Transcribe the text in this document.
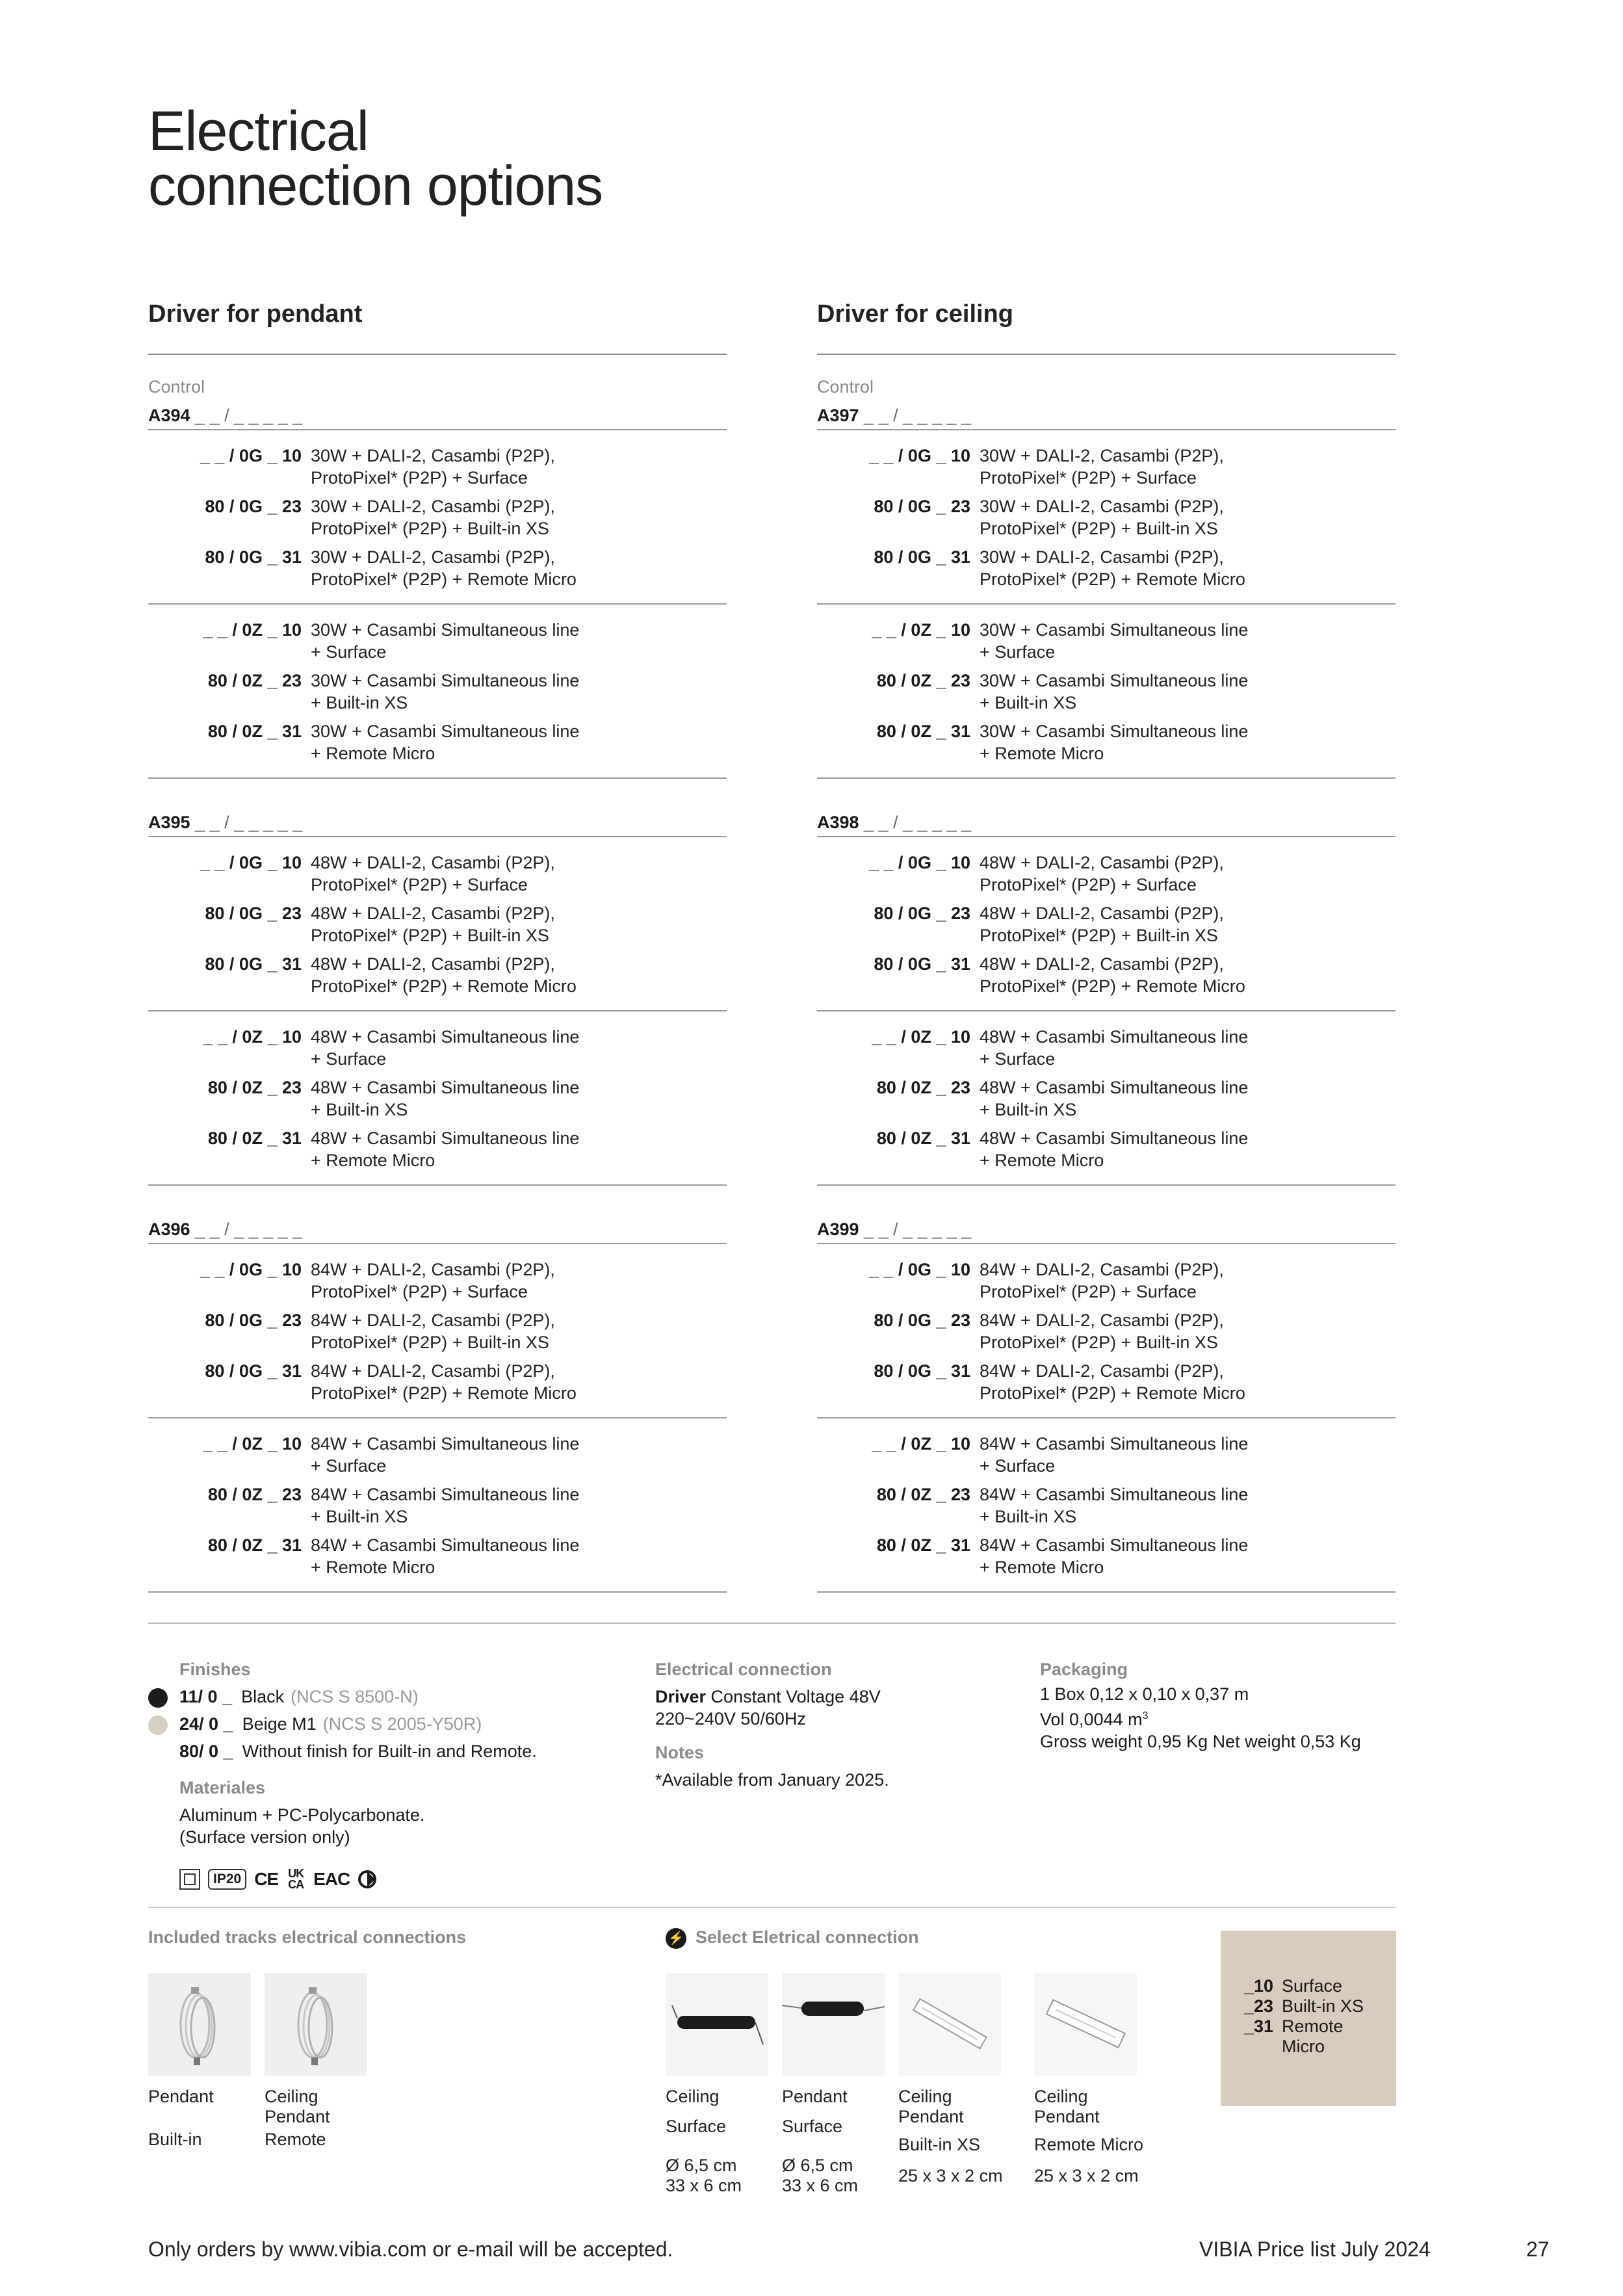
Electrical
connection options
Driver for pendant
Control
A394 _ _ / _ _ _ _ _
_ _ / 0G _ 10 30W + DALI-2, Casambi (P2P),
ProtoPixel* (P2P) + Surface
80 / 0G _ 23 30W + DALI-2, Casambi (P2P),
ProtoPixel* (P2P) + Built-in XS
80 / 0G _ 31 30W + DALI-2, Casambi (P2P),
ProtoPixel* (P2P) + Remote Micro
_ _ / 0Z _ 10 30W + Casambi Simultaneous line
+ Surface
80 / 0Z _ 23 30W + Casambi Simultaneous line
+ Built-in XS
80 / 0Z _ 31 30W + Casambi Simultaneous line
+ Remote Micro
A395 _ _ / _ _ _ _ _
_ _ / 0G _ 10 48W + DALI-2, Casambi (P2P),
ProtoPixel* (P2P) + Surface
80 / 0G _ 23 48W + DALI-2, Casambi (P2P),
ProtoPixel* (P2P) + Built-in XS
80 / 0G _ 31 48W + DALI-2, Casambi (P2P),
ProtoPixel* (P2P) + Remote Micro
_ _ / 0Z _ 10 48W + Casambi Simultaneous line
+ Surface
80 / 0Z _ 23 48W + Casambi Simultaneous line
+ Built-in XS
80 / 0Z _ 31 48W + Casambi Simultaneous line
+ Remote Micro
A396 _ _ / _ _ _ _ _
_ _ / 0G _ 10 84W + DALI-2, Casambi (P2P),
ProtoPixel* (P2P) + Surface
80 / 0G _ 23 84W + DALI-2, Casambi (P2P),
ProtoPixel* (P2P) + Built-in XS
80 / 0G _ 31 84W + DALI-2, Casambi (P2P),
ProtoPixel* (P2P) + Remote Micro
_ _ / 0Z _ 10 84W + Casambi Simultaneous line
+ Surface
80 / 0Z _ 23 84W + Casambi Simultaneous line
+ Built-in XS
80 / 0Z _ 31 84W + Casambi Simultaneous line
+ Remote Micro
Driver for ceiling
Control
A397 _ _ / _ _ _ _ _
_ _ / 0G _ 10 30W + DALI-2, Casambi (P2P),
ProtoPixel* (P2P) + Surface
80 / 0G _ 23 30W + DALI-2, Casambi (P2P),
ProtoPixel* (P2P) + Built-in XS
80 / 0G _ 31 30W + DALI-2, Casambi (P2P),
ProtoPixel* (P2P) + Remote Micro
_ _ / 0Z _ 10 30W + Casambi Simultaneous line
+ Surface
80 / 0Z _ 23 30W + Casambi Simultaneous line
+ Built-in XS
80 / 0Z _ 31 30W + Casambi Simultaneous line
+ Remote Micro
A398 _ _ / _ _ _ _ _
_ _ / 0G _ 10 48W + DALI-2, Casambi (P2P),
ProtoPixel* (P2P) + Surface
80 / 0G _ 23 48W + DALI-2, Casambi (P2P),
ProtoPixel* (P2P) + Built-in XS
80 / 0G _ 31 48W + DALI-2, Casambi (P2P),
ProtoPixel* (P2P) + Remote Micro
_ _ / 0Z _ 10 48W + Casambi Simultaneous line
+ Surface
80 / 0Z _ 23 48W + Casambi Simultaneous line
+ Built-in XS
80 / 0Z _ 31 48W + Casambi Simultaneous line
+ Remote Micro
A399 _ _ / _ _ _ _ _
_ _ / 0G _ 10 84W + DALI-2, Casambi (P2P),
ProtoPixel* (P2P) + Surface
80 / 0G _ 23 84W + DALI-2, Casambi (P2P),
ProtoPixel* (P2P) + Built-in XS
80 / 0G _ 31 84W + DALI-2, Casambi (P2P),
ProtoPixel* (P2P) + Remote Micro
_ _ / 0Z _ 10 84W + Casambi Simultaneous line
+ Surface
80 / 0Z _ 23 84W + Casambi Simultaneous line
+ Built-in XS
80 / 0Z _ 31 84W + Casambi Simultaneous line
+ Remote Micro
Finishes
11/ 0 _ Black (NCS S 8500-N)
24/ 0 _ Beige M1 (NCS S 2005-Y50R)
80/ 0 _ Without finish for Built-in and Remote.
Materiales
Aluminum + PC-Polycarbonate.
(Surface version only)
IP20 CE UK CA EAC
Electrical connection
Driver Constant Voltage 48V
220~240V 50/60Hz
Notes
*Available from January 2025.
Packaging
1 Box 0,12 x 0,10 x 0,37 m
Vol 0,0044 $m^3$
Gross weight 0,95 Kg Net weight 0,53 Kg
Included tracks electrical connections
Pendant
Built-in
Ceiling
Pendant
Remote
⚡ Select Eletrical connection
Ceiling
Surface
Ø 6,5 cm
33 x 6 cm
Pendant
Surface
Ø 6,5 cm
33 x 6 cm
Ceiling
Pendant
Built-in XS
25 x 3 x 2 cm
Ceiling
Pendant
Remote Micro
25 x 3 x 2 cm
_10 Surface
_23 Built-in XS
_31 Remote
Micro
Only orders by www.vibia.com or e-mail will be accepted.	VIBIA Price list July 2024	27
